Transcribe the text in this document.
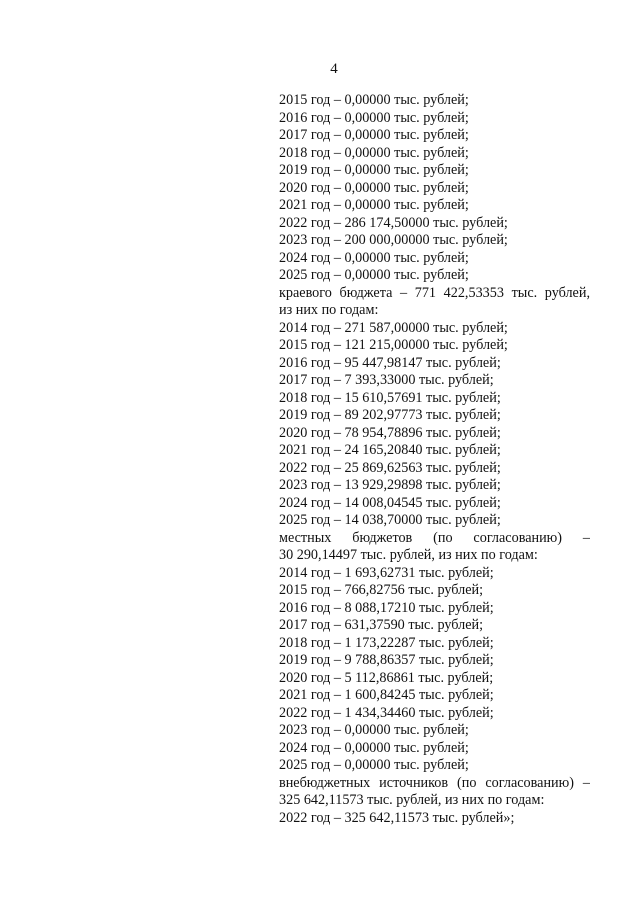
4
2015 год – 0,00000 тыс. рублей;
2016 год – 0,00000 тыс. рублей;
2017 год – 0,00000 тыс. рублей;
2018 год – 0,00000 тыс. рублей;
2019 год – 0,00000 тыс. рублей;
2020 год – 0,00000 тыс. рублей;
2021 год – 0,00000 тыс. рублей;
2022 год – 286 174,50000 тыс. рублей;
2023 год – 200 000,00000 тыс. рублей;
2024 год – 0,00000 тыс. рублей;
2025 год – 0,00000 тыс. рублей;
краевого бюджета – 771 422,53353 тыс. рублей,
из них по годам:
2014 год – 271 587,00000 тыс. рублей;
2015 год – 121 215,00000 тыс. рублей;
2016 год – 95 447,98147 тыс. рублей;
2017 год – 7 393,33000 тыс. рублей;
2018 год – 15 610,57691 тыс. рублей;
2019 год – 89 202,97773 тыс. рублей;
2020 год – 78 954,78896 тыс. рублей;
2021 год – 24 165,20840 тыс. рублей;
2022 год – 25 869,62563 тыс. рублей;
2023 год – 13 929,29898 тыс. рублей;
2024 год – 14 008,04545 тыс. рублей;
2025 год – 14 038,70000 тыс. рублей;
местных бюджетов (по согласованию) –
30 290,14497 тыс. рублей, из них по годам:
2014 год – 1 693,62731 тыс. рублей;
2015 год – 766,82756 тыс. рублей;
2016 год – 8 088,17210 тыс. рублей;
2017 год – 631,37590 тыс. рублей;
2018 год – 1 173,22287 тыс. рублей;
2019 год – 9 788,86357 тыс. рублей;
2020 год – 5 112,86861 тыс. рублей;
2021 год – 1 600,84245 тыс. рублей;
2022 год – 1 434,34460 тыс. рублей;
2023 год – 0,00000 тыс. рублей;
2024 год – 0,00000 тыс. рублей;
2025 год – 0,00000 тыс. рублей;
внебюджетных источников (по согласованию) –
325 642,11573 тыс. рублей, из них по годам:
2022 год – 325 642,11573 тыс. рублей»;
